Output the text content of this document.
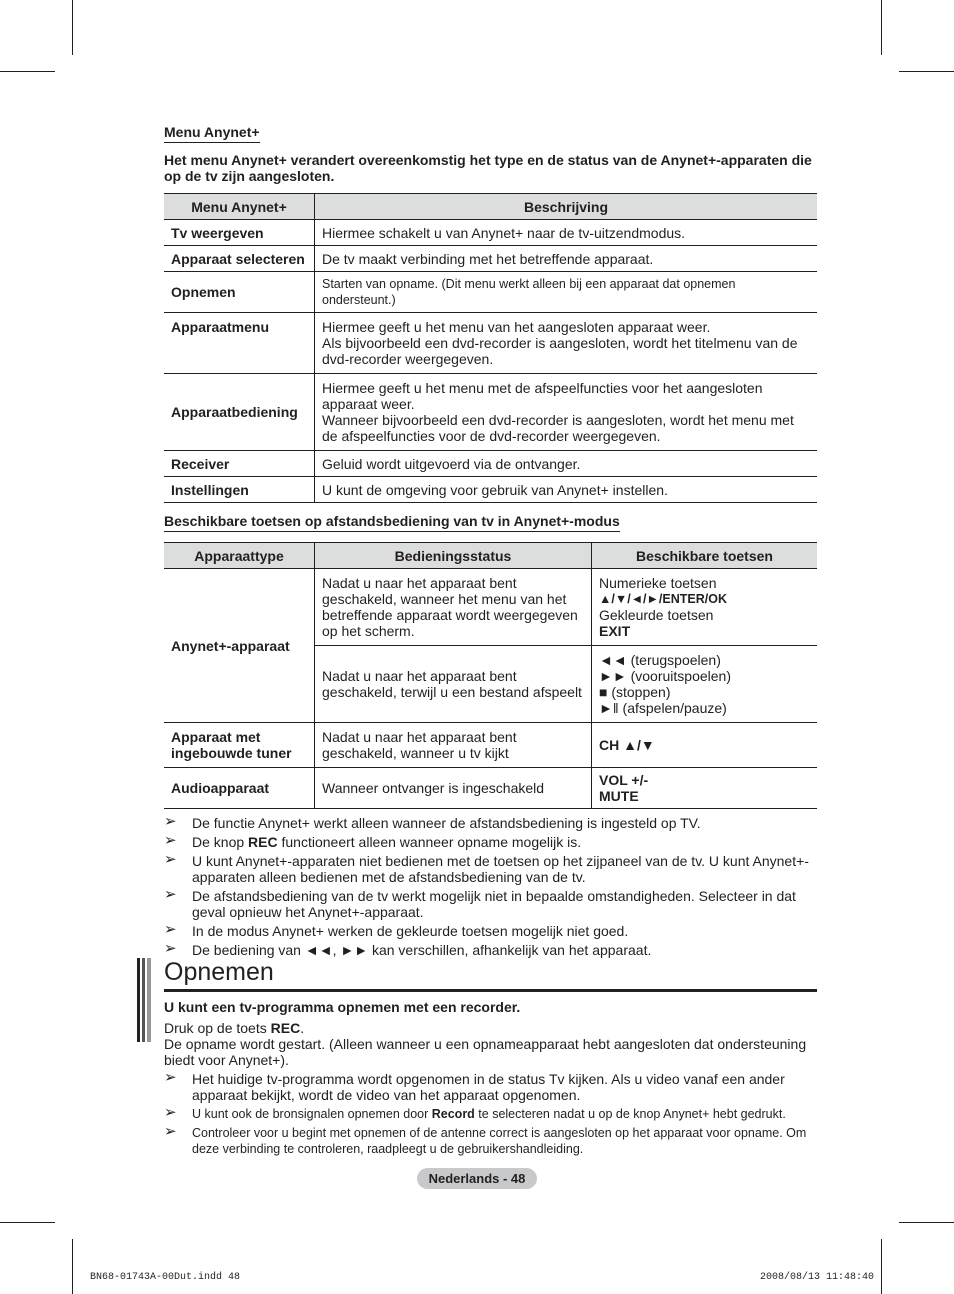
Menu Anynet+
Het menu Anynet+ verandert overeenkomstig het type en de status van de Anynet+-apparaten die op de tv zijn aangesloten.
Menu Anynet+	Beschrijving
Tv weergeven	Hiermee schakelt u van Anynet+ naar de tv-uitzendmodus.
Apparaat selecteren	De tv maakt verbinding met het betreffende apparaat.
Opnemen	Starten van opname. (Dit menu werkt alleen bij een apparaat dat opnemen ondersteunt.)
Apparaatmenu	Hiermee geeft u het menu van het aangesloten apparaat weer.
Als bijvoorbeeld een dvd-recorder is aangesloten, wordt het titelmenu van de dvd-recorder weergegeven.

Apparaatbediening	Hiermee geeft u het menu met de afspeelfuncties voor het aangesloten apparaat weer.
Wanneer bijvoorbeeld een dvd-recorder is aangesloten, wordt het menu met de afspeelfuncties voor de dvd-recorder weergegeven.

Receiver	Geluid wordt uitgevoerd via de ontvanger.
Instellingen	U kunt de omgeving voor gebruik van Anynet+ instellen.
Beschikbare toetsen op afstandsbediening van tv in Anynet+-modus
Apparaattype	Bedieningsstatus	Beschikbare toetsen
Anynet+-apparaat	Nadat u naar het apparaat bent geschakeld, wanneer het menu van het betreffende apparaat wordt weergegeven op het scherm.	Numerieke toetsen
▲/▼/◄/►/ENTER/OK
Gekleurde toetsen
EXIT

	Nadat u naar het apparaat bent geschakeld, terwijl u een bestand afspeelt	◄◄ (terugspoelen)
►► (vooruitspoelen)
■ (stoppen)
►‖ (afspelen/pauze)

Apparaat met ingebouwde tuner	Nadat u naar het apparaat bent geschakeld, wanneer u tv kijkt	CH ▲/▼
Audioapparaat	Wanneer ontvanger is ingeschakeld	VOL +/-
MUTE
➢ De functie Anynet+ werkt alleen wanneer de afstandsbediening is ingesteld op TV.
➢ De knop REC functioneert alleen wanneer opname mogelijk is.
➢ U kunt Anynet+-apparaten niet bedienen met de toetsen op het zijpaneel van de tv. U kunt Anynet+-apparaten alleen bedienen met de afstandsbediening van de tv.
➢ De afstandsbediening van de tv werkt mogelijk niet in bepaalde omstandigheden. Selecteer in dat geval opnieuw het Anynet+-apparaat.
➢ In de modus Anynet+ werken de gekleurde toetsen mogelijk niet goed.
➢ De bediening van ◄◄, ►► kan verschillen, afhankelijk van het apparaat.
Opnemen
U kunt een tv-programma opnemen met een recorder.
Druk op de toets REC.
De opname wordt gestart. (Alleen wanneer u een opnameapparaat hebt aangesloten dat ondersteuning biedt voor Anynet+).
➢ Het huidige tv-programma wordt opgenomen in de status Tv kijken. Als u video vanaf een ander apparaat bekijkt, wordt de video van het apparaat opgenomen.
➢ U kunt ook de bronsignalen opnemen door Record te selecteren nadat u op de knop Anynet+ hebt gedrukt.
➢ Controleer voor u begint met opnemen of de antenne correct is aangesloten op het apparaat voor opname. Om deze verbinding te controleren, raadpleegt u de gebruikershandleiding.
Nederlands - 48
BN68-01743A-00Dut.indd 48	2008/08/13 11:48:40
